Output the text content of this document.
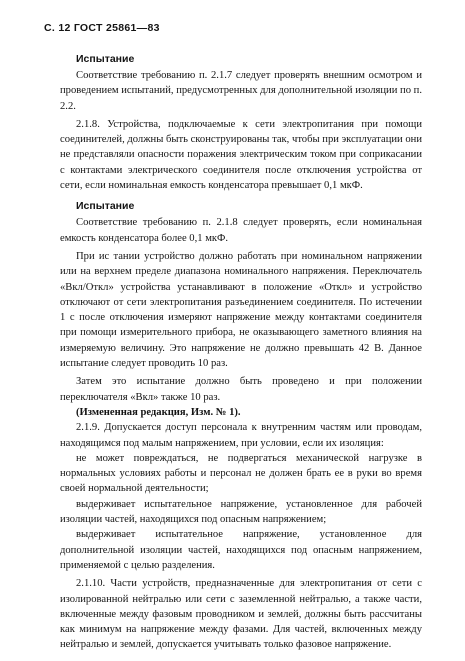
С. 12 ГОСТ 25861—83

Испытание

Соответствие требованию п. 2.1.7 следует проверять внешним осмотром и проведением испытаний, предусмотренных для дополнительной изоляции по п. 2.2.

2.1.8. Устройства, подключаемые к сети электропитания при помощи соединителей, должны быть сконструированы так, чтобы при эксплуатации они не представляли опасности поражения электрическим током при соприкасании с контактами электрического соединителя после отключения устройства от сети, если номинальная емкость конденсатора превышает 0,1 мкФ.

Испытание

Соответствие требованию п. 2.1.8 следует проверять, если номинальная емкость конденсатора более 0,1 мкФ.

При ис тании устройство должно работать при номинальном напряжении или на верхнем пределе диапазона номинального напряжения. Переключатель «Вкл/Откл» устройства устанавливают в положение «Откл» и устройство отключают от сети электропитания разъединением соединителя. По истечении 1 с после отключения измеряют напряжение между контактами соединителя при помощи измерительного прибора, не оказывающего заметного влияния на измеряемую величину. Это напряжение не должно превышать 42 В. Данное испытание следует проводить 10 раз.

Затем это испытание должно быть проведено и при положении переключателя «Вкл» также 10 раз.

(Измененная редакция, Изм. № 1).

2.1.9. Допускается доступ персонала к внутренним частям или проводам, находящимся под малым напряжением, при условии, если их изоляция:

не может повреждаться, не подвергаться механической нагрузке в нормальных условиях работы и персонал не должен брать ее в руки во время своей нормальной деятельности;

выдерживает испытательное напряжение, установленное для рабочей изоляции частей, находящихся под опасным напряжением;

выдерживает испытательное напряжение, установленное для дополнительной изоляции частей, находящихся под опасным напряжением, применяемой с целью разделения.

2.1.10. Части устройств, предназначенные для электропитания от сети с изолированной нейтралью или сети с заземленной нейтралью, а также части, включенные между фазовым проводником и землей, должны быть рассчитаны как минимум на напряжение между фазами. Для частей, включенных между нейтралью и землей, допускается учитывать только фазовое напряжение.
